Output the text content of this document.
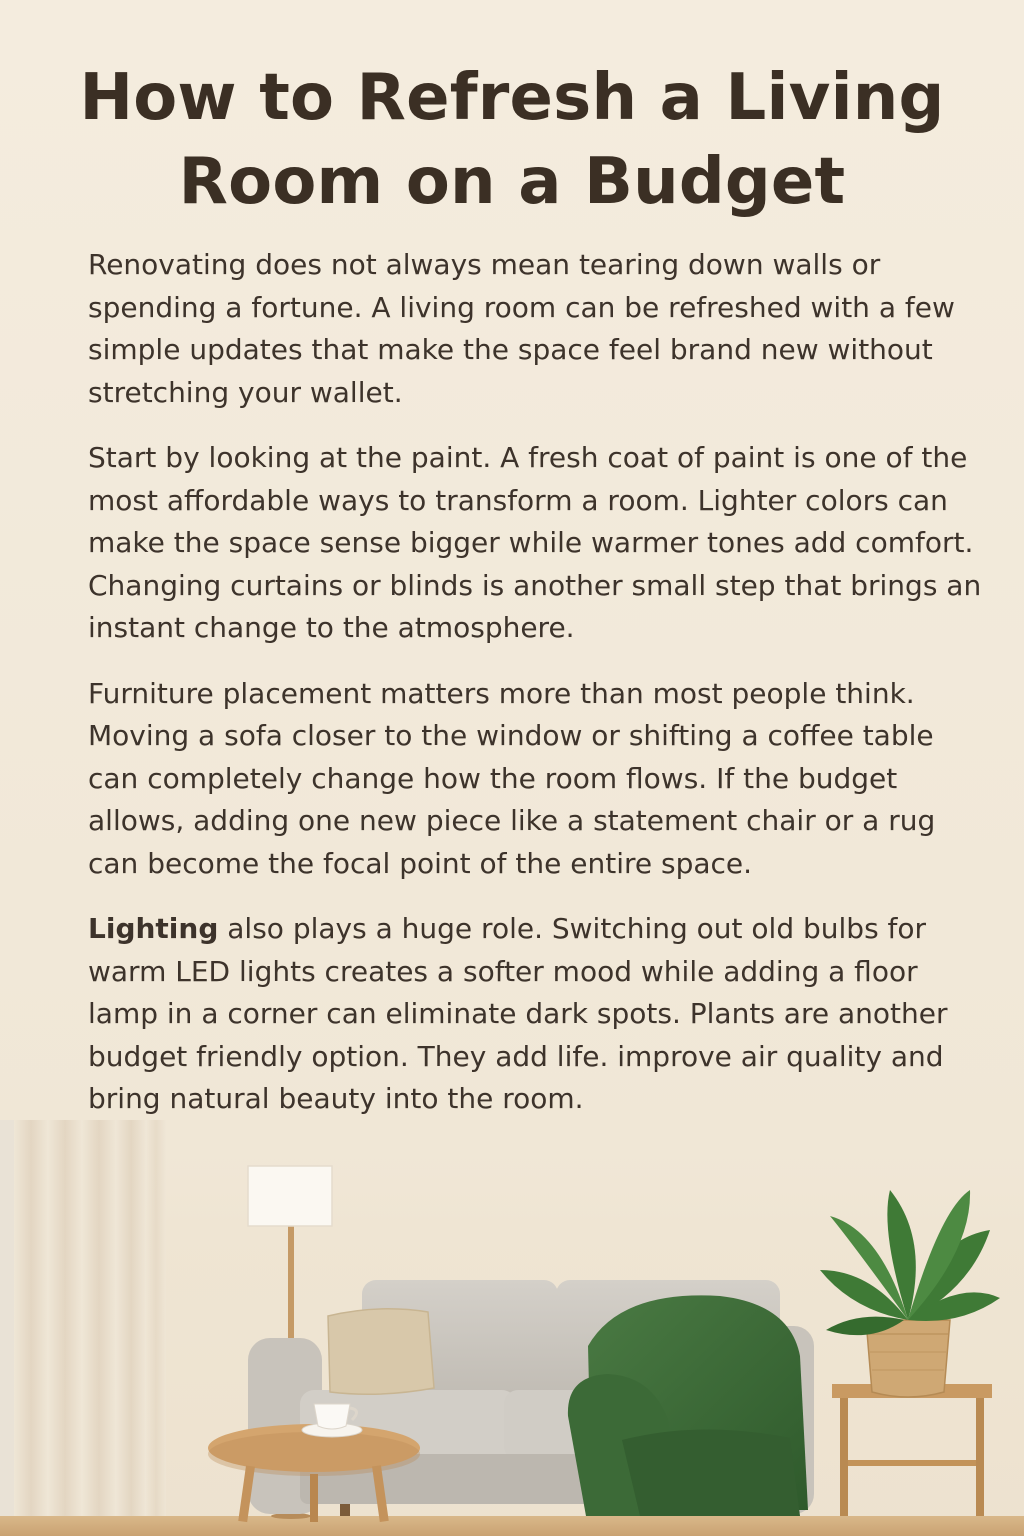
How to Refresh a Living Room on a Budget

Renovating does not always mean tearing down walls or spending a fortune. A living room can be refreshed with a few simple updates that make the space feel brand new without stretching your wallet.

Start by looking at the paint. A fresh coat of paint is one of the most affordable ways to transform a room. Lighter colors can make the space sense bigger while warmer tones add comfort. Changing curtains or blinds is another small step that brings an instant change to the atmosphere.

Furniture placement matters more than most people think. Moving a sofa closer to the window or shifting a coffee table can completely change how the room flows. If the budget allows, adding one new piece like a statement chair or a rug can become the focal point of the entire space.

Lighting also plays a huge role. Switching out old bulbs for warm LED lights creates a softer mood while adding a floor lamp in a corner can eliminate dark spots. Plants are another budget friendly option. They add life. improve air quality and bring natural beauty into the room.
